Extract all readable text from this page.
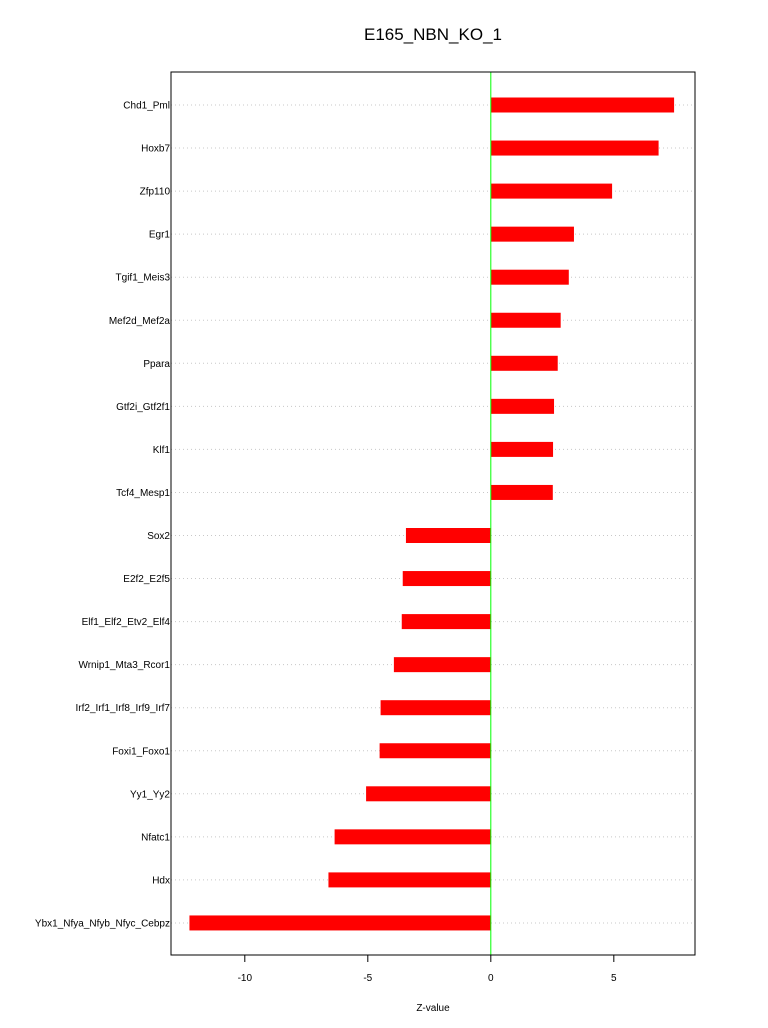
E165_NBN_KO_1
Chd1_Pml
Hoxb7
Zfp110
Egr1
Tgif1_Meis3
Mef2d_Mef2a
Ppara
Gtf2i_Gtf2f1
Klf1
Tcf4_Mesp1
Sox2
E2f2_E2f5
Elf1_Elf2_Etv2_Elf4
Wrnip1_Mta3_Rcor1
Irf2_Irf1_Irf8_Irf9_Irf7
Foxi1_Foxo1
Yy1_Yy2
Nfatc1
Hdx
Ybx1_Nfya_Nfyb_Nfyc_Cebpz
-10	-5	0	5
Z-value
